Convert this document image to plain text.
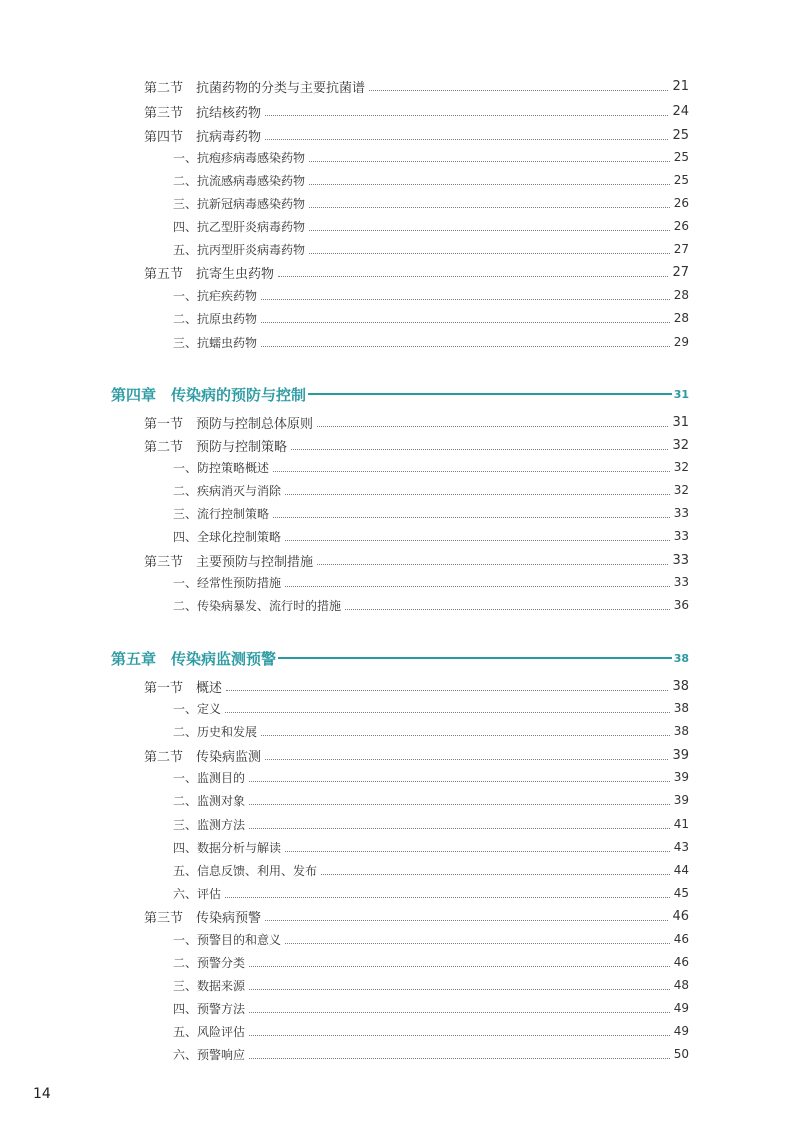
第二节　 抗菌药物的分类与主要抗菌谱	21
第三节　 抗结核药物	24
第四节　 抗病毒药物	25
一、抗疱疹病毒感染药物	25
二、抗流感病毒感染药物	25
三、抗新冠病毒感染药物	26
四、抗乙型肝炎病毒药物	26
五、抗丙型肝炎病毒药物	27
第五节　 抗寄生虫药物	27
一、抗疟疾药物	28
二、抗原虫药物	28
三、抗蠕虫药物	29
第四章　 传染病的预防与控制	31
第一节　 预防与控制总体原则	31
第二节　 预防与控制策略	32
一、防控策略概述	32
二、疾病消灭与消除	32
三、流行控制策略	33
四、全球化控制策略	33
第三节　 主要预防与控制措施	33
一、经常性预防措施	33
二、传染病暴发、流行时的措施	36
第五章　 传染病监测预警	38
第一节　 概述	38
一、定义	38
二、历史和发展	38
第二节　 传染病监测	39
一、监测目的	39
二、监测对象	39
三、监测方法	41
四、数据分析与解读	43
五、信息反馈、利用、发布	44
六、评估	45
第三节　 传染病预警	46
一、预警目的和意义	46
二、预警分类	46
三、数据来源	48
四、预警方法	49
五、风险评估	49
六、预警响应	50
14
